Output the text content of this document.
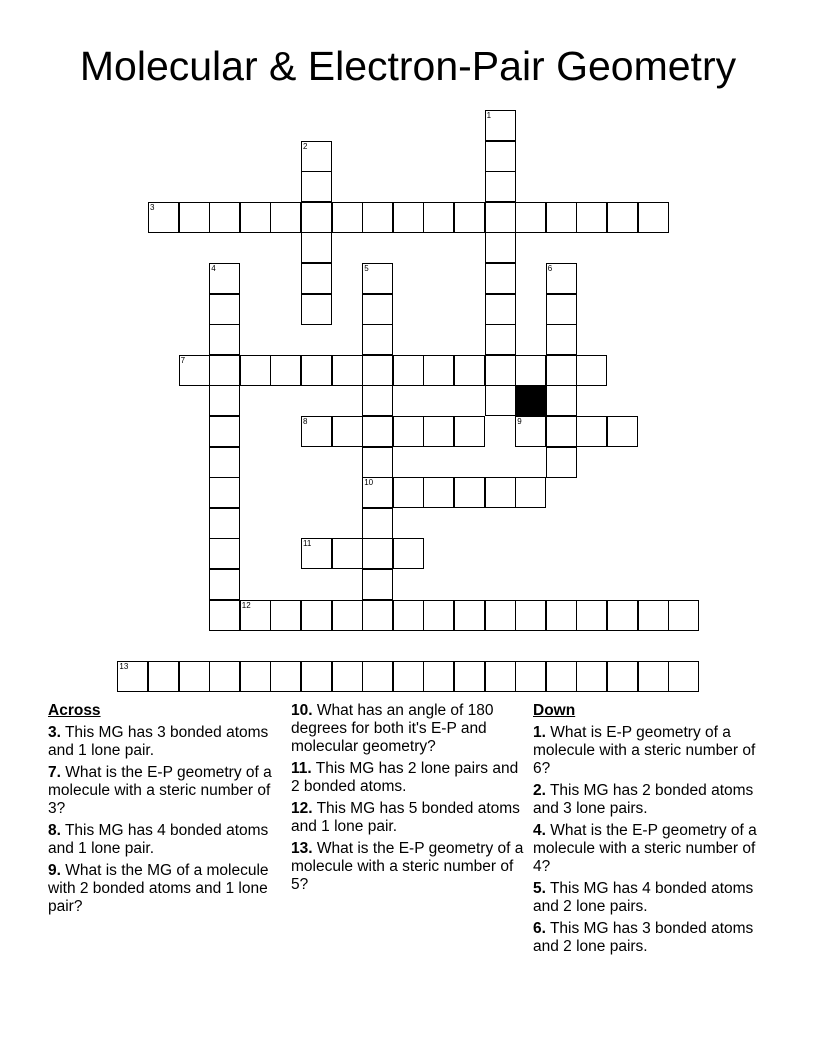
Molecular & Electron-Pair Geometry
1
2
3
4	5
10
6
7
8	9
11
12
13
Across
3. This MG has 3 bonded atoms and 1 lone pair.
7. What is the E-P geometry of a molecule with a steric number of 3?
8. This MG has 4 bonded atoms and 1 lone pair.
9. What is the MG of a molecule with 2 bonded atoms and 1 lone pair?
10. What has an angle of 180 degrees for both it's E-P and molecular geometry?
11. This MG has 2 lone pairs and 2 bonded atoms.
12. This MG has 5 bonded atoms and 1 lone pair.
13. What is the E-P geometry of a molecule with a steric number of 5?
Down
1. What is E-P geometry of a molecule with a steric number of 6?
2. This MG has 2 bonded atoms and 3 lone pairs.
4. What is the E-P geometry of a molecule with a steric number of 4?
5. This MG has 4 bonded atoms and 2 lone pairs.
6. This MG has 3 bonded atoms and 2 lone pairs.
